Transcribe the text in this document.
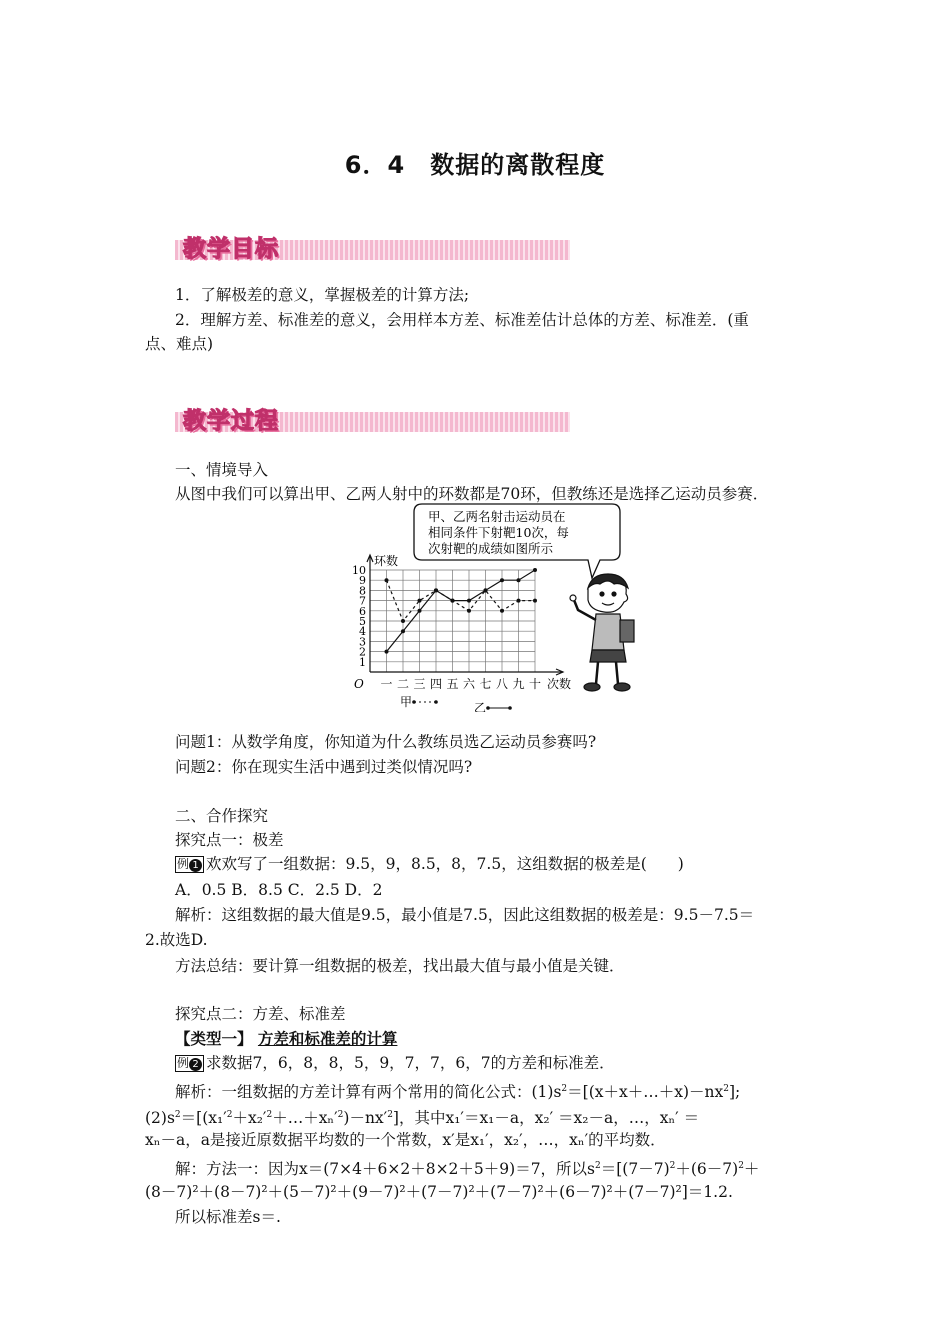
6．4　数据的离散程度
教学目标
1．了解极差的意义，掌握极差的计算方法;
2．理解方差、标准差的意义，会用样本方差、标准差估计总体的方差、标准差．(重
点、难点)
教学过程
一、情境导入
从图中我们可以算出甲、乙两人射中的环数都是70环，但教练还是选择乙运动员参赛．
甲、乙两名射击运动员在
相同条件下射靶10次，每
次射靶的成绩如图所示
环数
O
1
2
3
4
5
6
7
8
9
10
一 二 三 四 五 六 七 八 九 十 次数
甲	乙
问题1：从数学角度，你知道为什么教练员选乙运动员参赛吗?
问题2：你在现实生活中遇到过类似情况吗?
二、合作探究
探究点一：极差
例 1 欢欢写了一组数据：9.5，9，8.5，8，7.5，这组数据的极差是(　　)
A．0.5 B．8.5 C．2.5 D．2
解析：这组数据的最大值是9.5，最小值是7.5，因此这组数据的极差是：9.5－7.5＝
2.故选D.
方法总结：要计算一组数据的极差，找出最大值与最小值是关键．
探究点二：方差、标准差
【类型一】 方差和标准差的计算
例 2 求数据7，6，8，8，5，9，7，7，6，7的方差和标准差．
解析：一组数据的方差计算有两个常用的简化公式：$(1)s^2=[(x+x+\dots+x)-nx^2]$;
$(2)s^2=[(x_1'^2+x_2'^2+\dots+x_n'^2)-nx'^2]$，其中x₁′＝x₁－a，x₂′ ＝x₂－a，…，xₙ′ ＝
xₙ－a，a是接近原数据平均数的一个常数，x′是x₁′，x₂′，…，xₙ′的平均数．
解：方法一：因为x＝(7×4＋6×2＋8×2＋5＋9)＝7，所以$s^2=[(7-7)^2+(6-7)^2+$
(8－7)²＋(8－7)²＋(5－7)²＋(9－7)²＋(7－7)²＋(7－7)²＋(6－7)²＋(7－7)²]＝1.2.
所以标准差s＝.
